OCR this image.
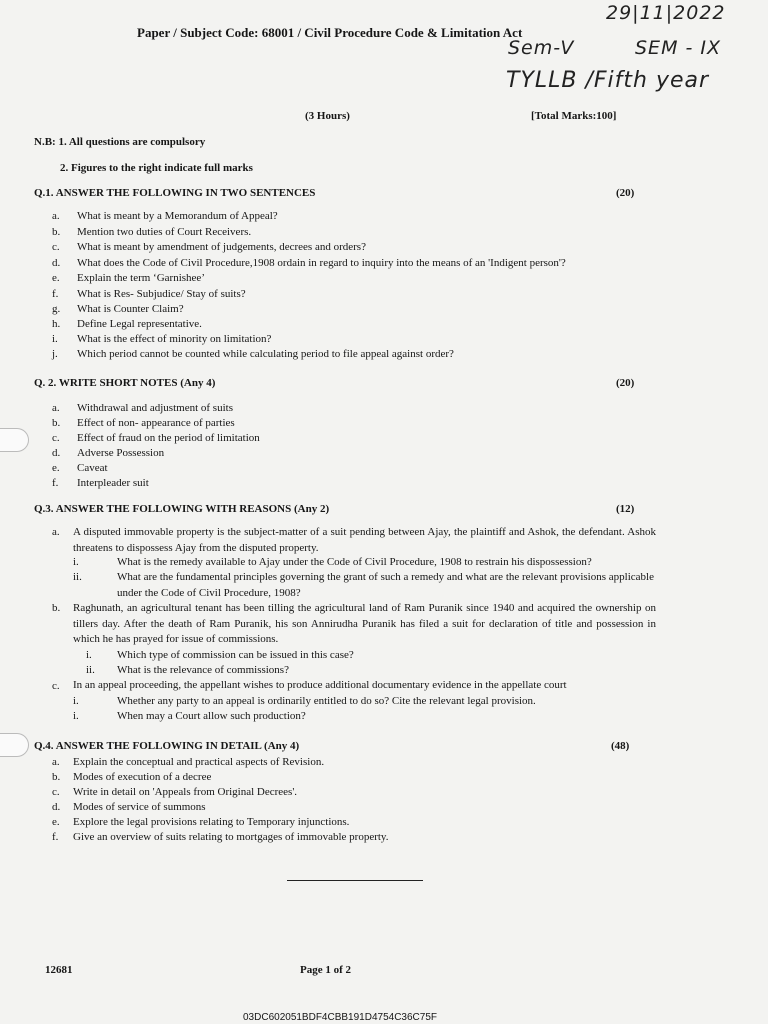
Paper / Subject Code: 68001 / Civil Procedure Code & Limitation Act
29|11|2022
Sem-V	SEM - IX
TYLLB /Fifth year
(3 Hours)	[Total Marks:100]
N.B: 1. All questions are compulsory
2. Figures to the right indicate full marks
Q.1. ANSWER THE FOLLOWING IN TWO SENTENCES	(20)
a. What is meant by a Memorandum of Appeal?
b. Mention two duties of Court Receivers.
c. What is meant by amendment of judgements, decrees and orders?
d. What does the Code of Civil Procedure,1908 ordain in regard to inquiry into the means of an 'Indigent person'?
e. Explain the term ‘Garnishee’
f. What is Res- Subjudice/ Stay of suits?
g. What is Counter Claim?
h. Define Legal representative.
i. What is the effect of minority on limitation?
j. Which period cannot be counted while calculating period to file appeal against order?
Q. 2. WRITE SHORT NOTES (Any 4)	(20)
a. Withdrawal and adjustment of suits
b. Effect of non- appearance of parties
c. Effect of fraud on the period of limitation
d. Adverse Possession
e. Caveat
f. Interpleader suit
Q.3. ANSWER THE FOLLOWING WITH REASONS (Any 2)	(12)
a. A disputed immovable property is the subject-matter of a suit pending between Ajay, the plaintiff and Ashok, the defendant. Ashok threatens to dispossess Ajay from the disputed property.
i.	What is the remedy available to Ajay under the Code of Civil Procedure, 1908 to restrain his dispossession?
ii.	What are the fundamental principles governing the grant of such a remedy and what are the relevant provisions applicable under the Code of Civil Procedure, 1908?
b. Raghunath, an agricultural tenant has been tilling the agricultural land of Ram Puranik since 1940 and acquired the ownership on tillers day. After the death of Ram Puranik, his son Annirudha Puranik has filed a suit for declaration of title and possession in which he has prayed for issue of commissions.
i. Which type of commission can be issued in this case?
ii. What is the relevance of commissions?
c. In an appeal proceeding, the appellant wishes to produce additional documentary evidence in the appellate court
i.	Whether any party to an appeal is ordinarily entitled to do so? Cite the relevant legal provision.
i.	When may a Court allow such production?
Q.4. ANSWER THE FOLLOWING IN DETAIL (Any 4)	(48)
a. Explain the conceptual and practical aspects of Revision.
b. Modes of execution of a decree
c. Write in detail on 'Appeals from Original Decrees'.
d. Modes of service of summons
e. Explore the legal provisions relating to Temporary injunctions.
f. Give an overview of suits relating to mortgages of immovable property.
12681	Page 1 of 2
03DC602051BDF4CBB191D4754C36C75F
